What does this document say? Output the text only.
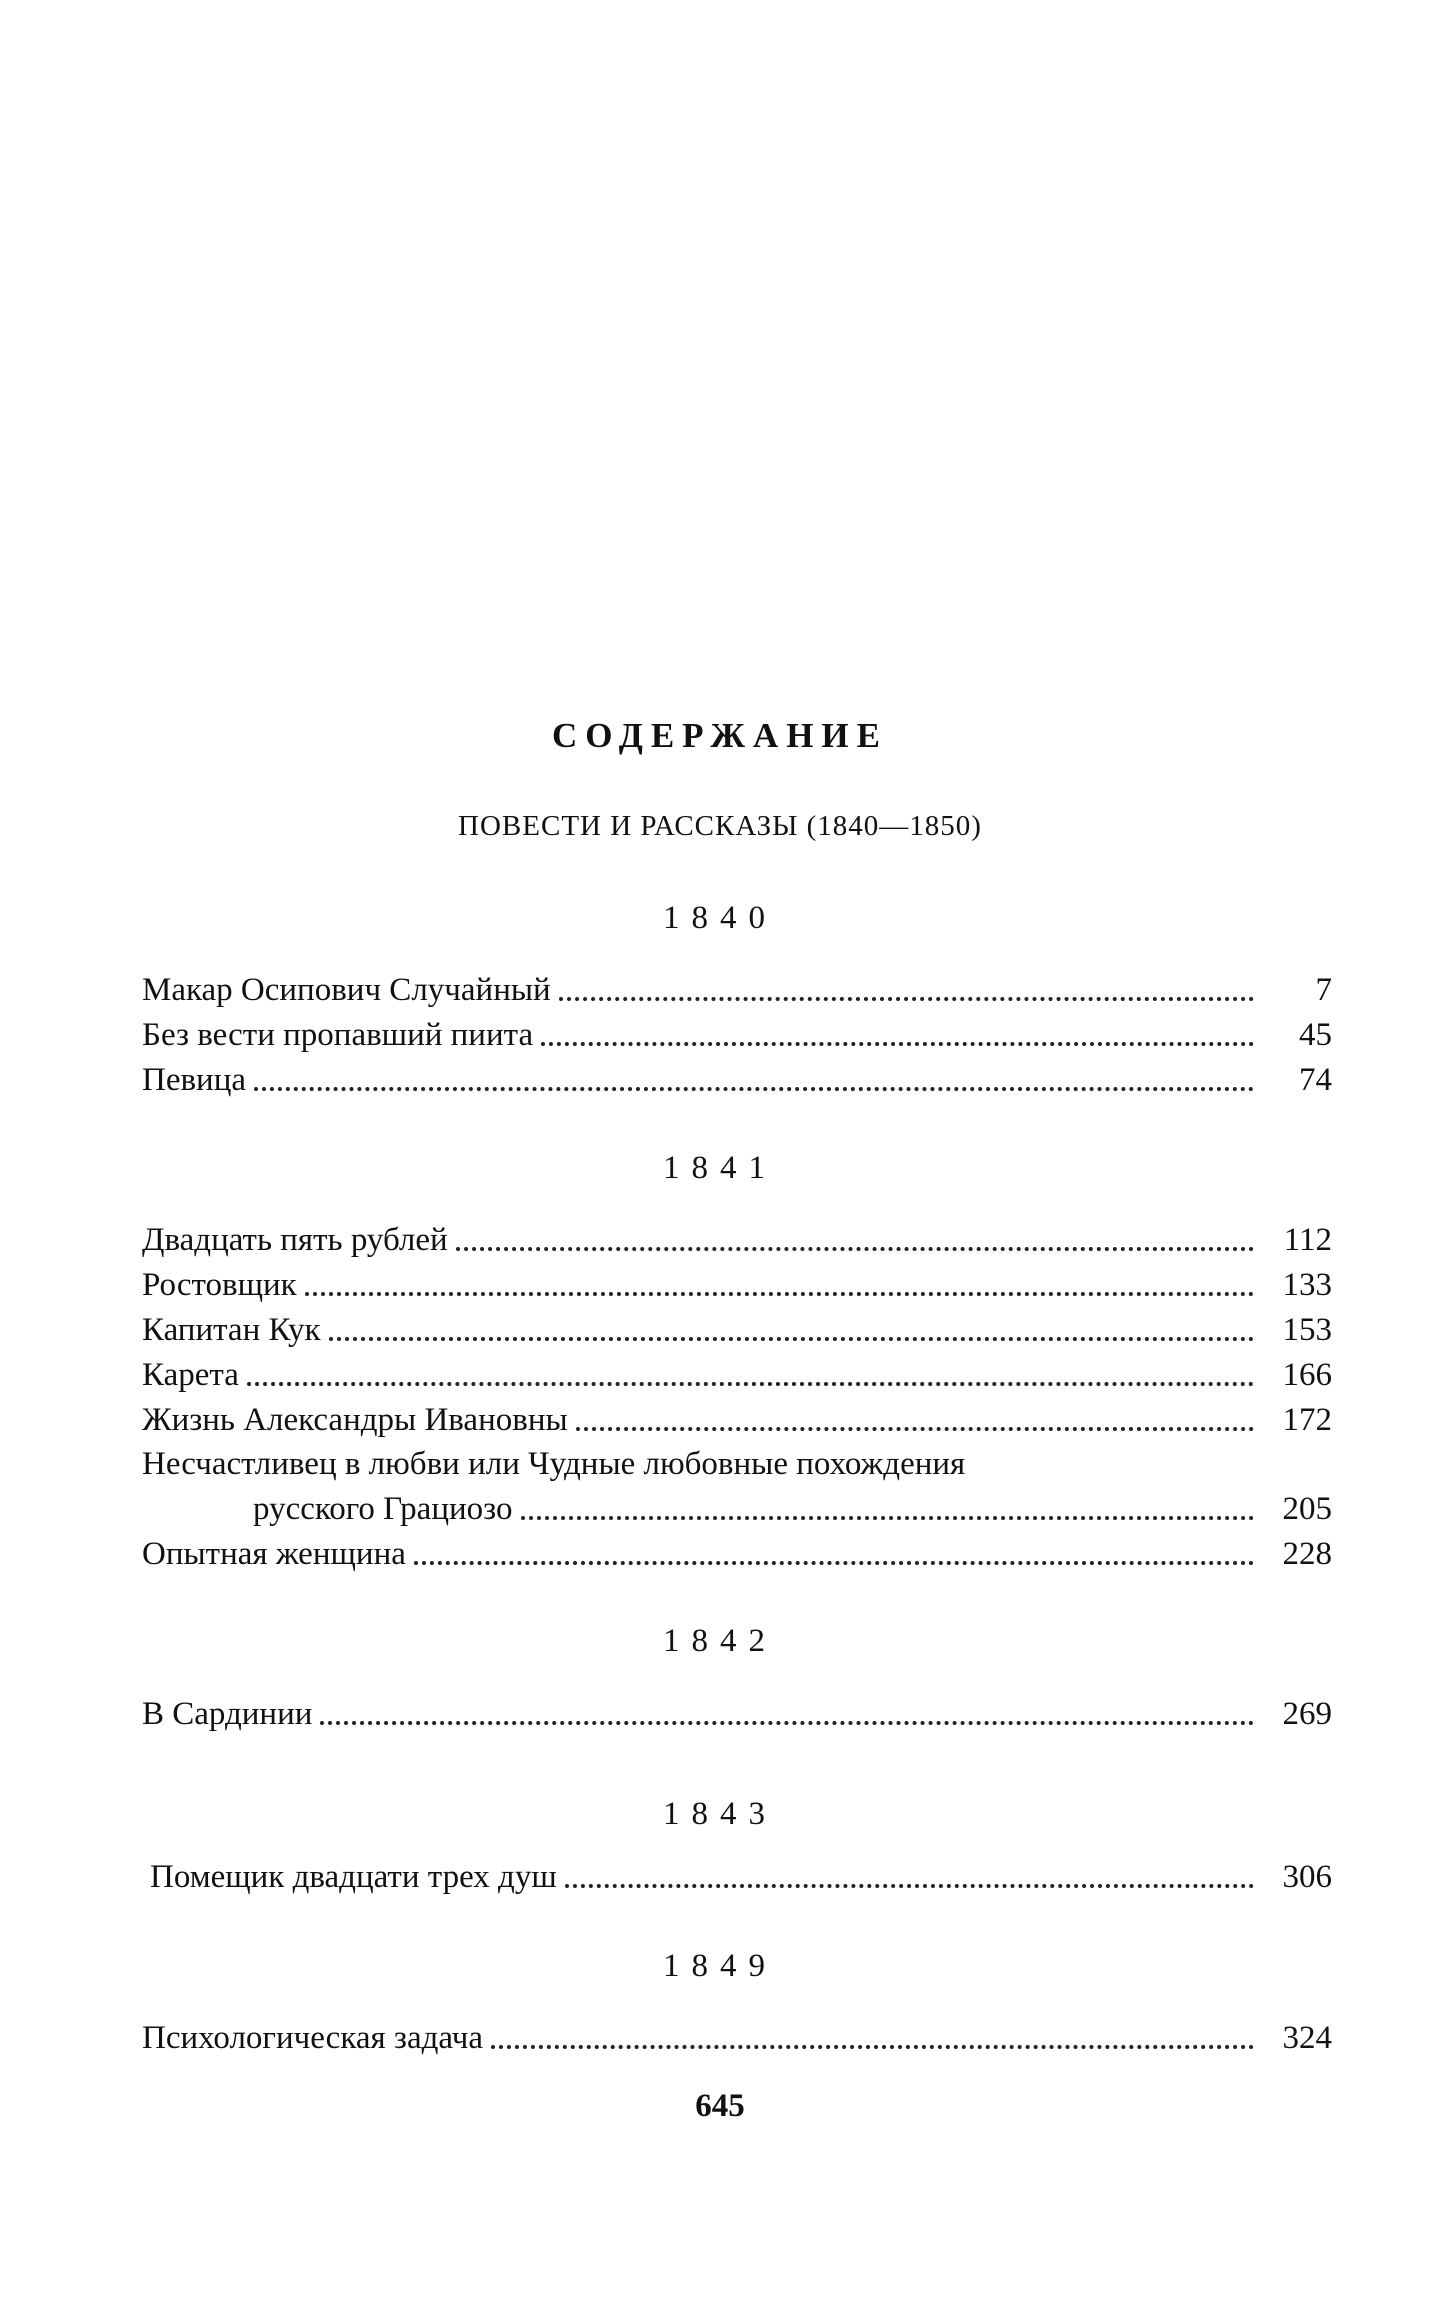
СОДЕРЖАНИЕ
ПОВЕСТИ И РАССКАЗЫ (1840—1850)
1840
Макар Осипович Случайный	7
Без вести пропавший пиита	45
Певица	74
1841
Двадцать пять рублей	112
Ростовщик	133
Капитан Кук	153
Карета	166
Жизнь Александры Ивановны	172
Несчастливец в любви или Чудные любовные похождения
русского Грациозо	205
Опытная женщина	228
1842
В Сардинии	269
1843
Помещик двадцати трех душ	306
1849
Психологическая задача	324
645
